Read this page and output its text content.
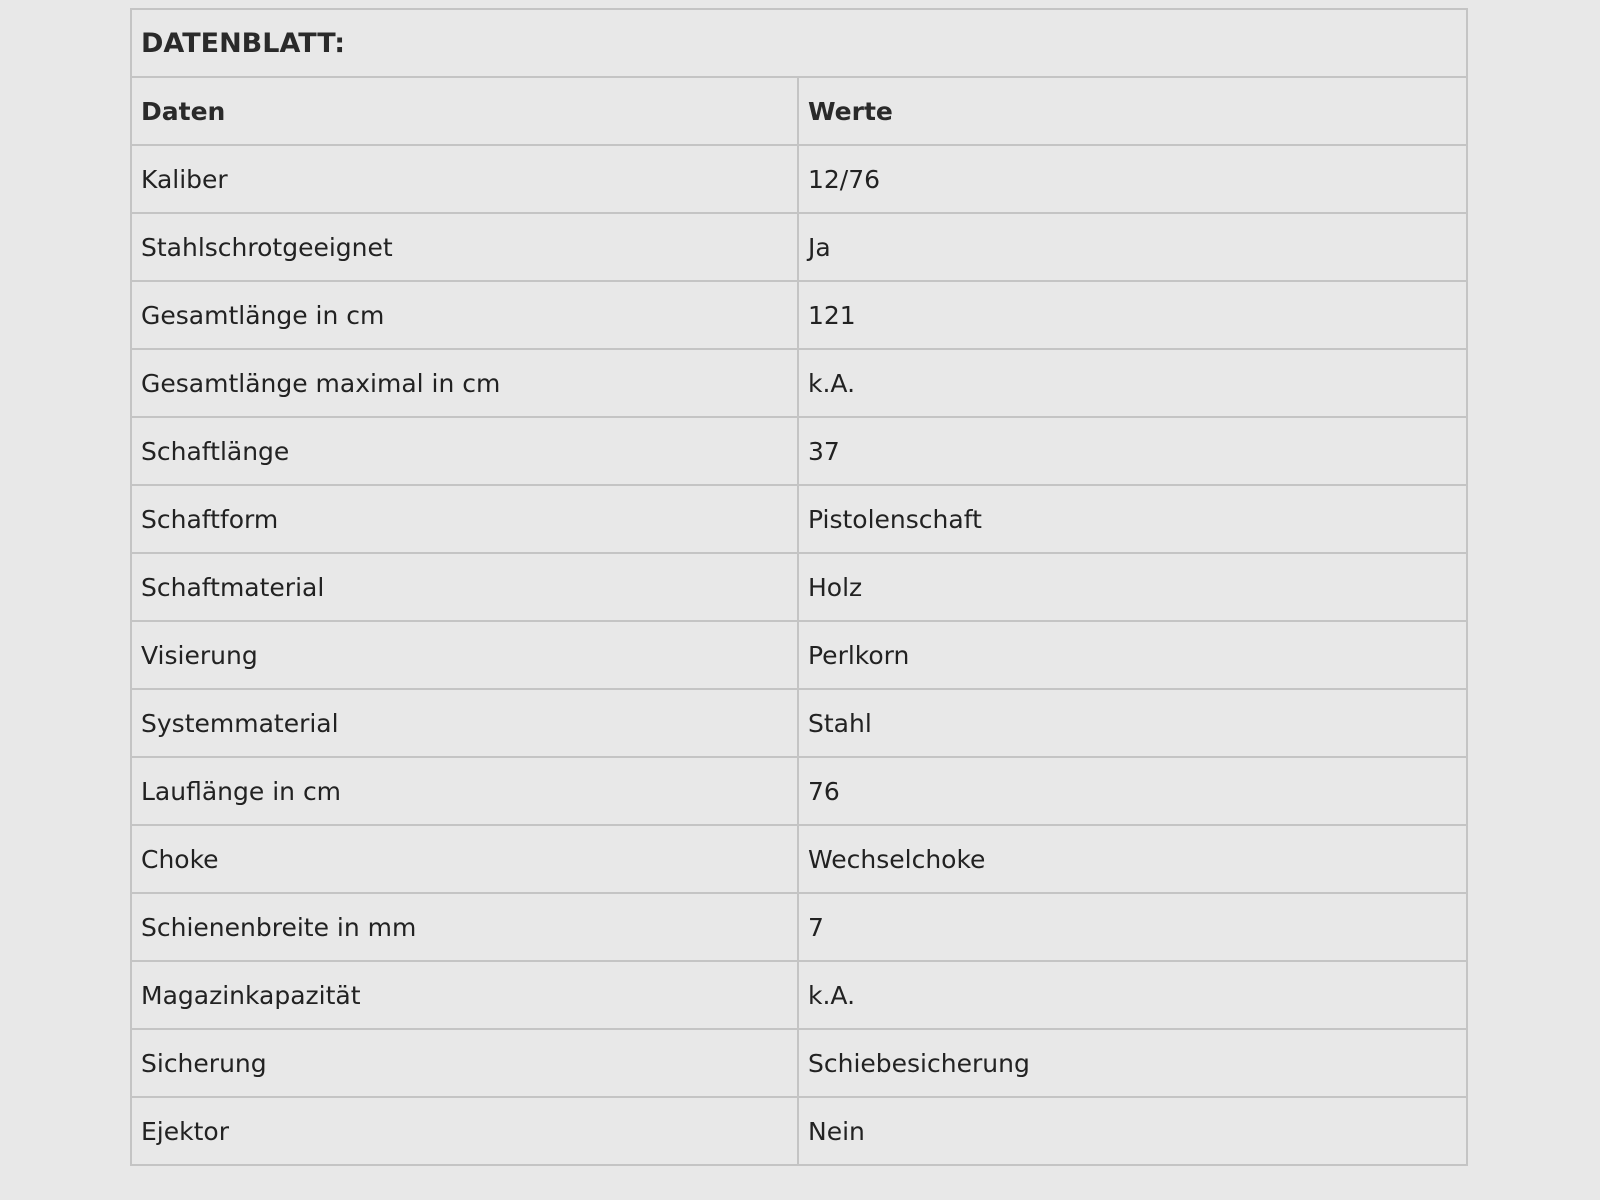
DATENBLATT:	
Daten	Werte
Kaliber	12/76
Stahlschrotgeeignet	Ja
Gesamtlänge in cm	121
Gesamtlänge maximal in cm	k.A.
Schaftlänge	37
Schaftform	Pistolenschaft
Schaftmaterial	Holz
Visierung	Perlkorn
Systemmaterial	Stahl
Lauflänge in cm	76
Choke	Wechselchoke
Schienenbreite in mm	7
Magazinkapazität	k.A.
Sicherung	Schiebesicherung
Ejektor	Nein
